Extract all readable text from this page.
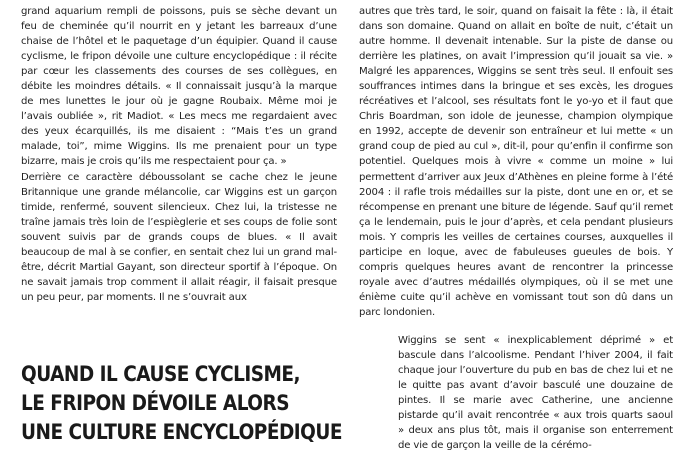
grand aquarium rempli de poissons, puis se sèche devant un feu de cheminée qu’il nourrit en y jetant les barreaux d’une chaise de l’hôtel et le paquetage d’un équipier. Quand il cause cyclisme, le fripon dévoile une culture encyclopédique : il récite par cœur les classements des courses de ses collègues, en débite les moindres détails. « Il connaissait jusqu’à la marque de mes lunettes le jour où je gagne Roubaix. Même moi je l’avais oubliée », rit Madiot. « Les mecs me regardaient avec des yeux écarquillés, ils me disaient : “Mais t’es un grand malade, toi”, mime Wiggins. Ils me prenaient pour un type bizarre, mais je crois qu’ils me respectaient pour ça. »

Derrière ce caractère déboussolant se cache chez le jeune Britannique une grande mélancolie, car Wiggins est un garçon timide, renfermé, souvent silencieux. Chez lui, la tristesse ne traîne jamais très loin de l’espièglerie et ses coups de folie sont souvent suivis par de grands coups de blues. « Il avait beaucoup de mal à se confier, en sentait chez lui un grand mal-être, décrit Martial Gayant, son directeur sportif à l’époque. On ne savait jamais trop comment il allait réagir, il faisait presque un peu peur, par moments. Il ne s’ouvrait aux

QUAND IL CAUSE CYCLISME,
LE FRIPON DÉVOILE ALORS
UNE CULTURE ENCYCLOPÉDIQUE

autres que très tard, le soir, quand on faisait la fête : là, il était dans son domaine. Quand on allait en boîte de nuit, c’était un autre homme. Il devenait intenable. Sur la piste de danse ou derrière les platines, on avait l’impression qu’il jouait sa vie. » Malgré les apparences, Wiggins se sent très seul. Il enfouit ses souffrances intimes dans la bringue et ses excès, les drogues récréatives et l’alcool, ses résultats font le yo-yo et il faut que Chris Boardman, son idole de jeunesse, champion olympique en 1992, accepte de devenir son entraîneur et lui mette « un grand coup de pied au cul », dit-il, pour qu’enfin il confirme son potentiel. Quelques mois à vivre « comme un moine » lui permettent d’arriver aux Jeux d’Athènes en pleine forme à l’été 2004 : il rafle trois médailles sur la piste, dont une en or, et se récompense en prenant une biture de légende. Sauf qu’il remet ça le lendemain, puis le jour d’après, et cela pendant plusieurs mois. Y compris les veilles de certaines courses, auxquelles il participe en loque, avec de fabuleuses gueules de bois. Y compris quelques heures avant de rencontrer la princesse royale avec d’autres médaillés olympiques, où il se met une énième cuite qu’il achève en vomissant tout son dû dans un parc londonien.

Wiggins se sent « inexplicablement déprimé » et bascule dans l’alcoolisme. Pendant l’hiver 2004, il fait chaque jour l’ouverture du pub en bas de chez lui et ne le quitte pas avant d’avoir basculé une douzaine de pintes. Il se marie avec Catherine, une ancienne pistarde qu’il avait rencontrée « aux trois quarts saoul » deux ans plus tôt, mais il organise son enterrement de vie de garçon la veille de la cérémo-
